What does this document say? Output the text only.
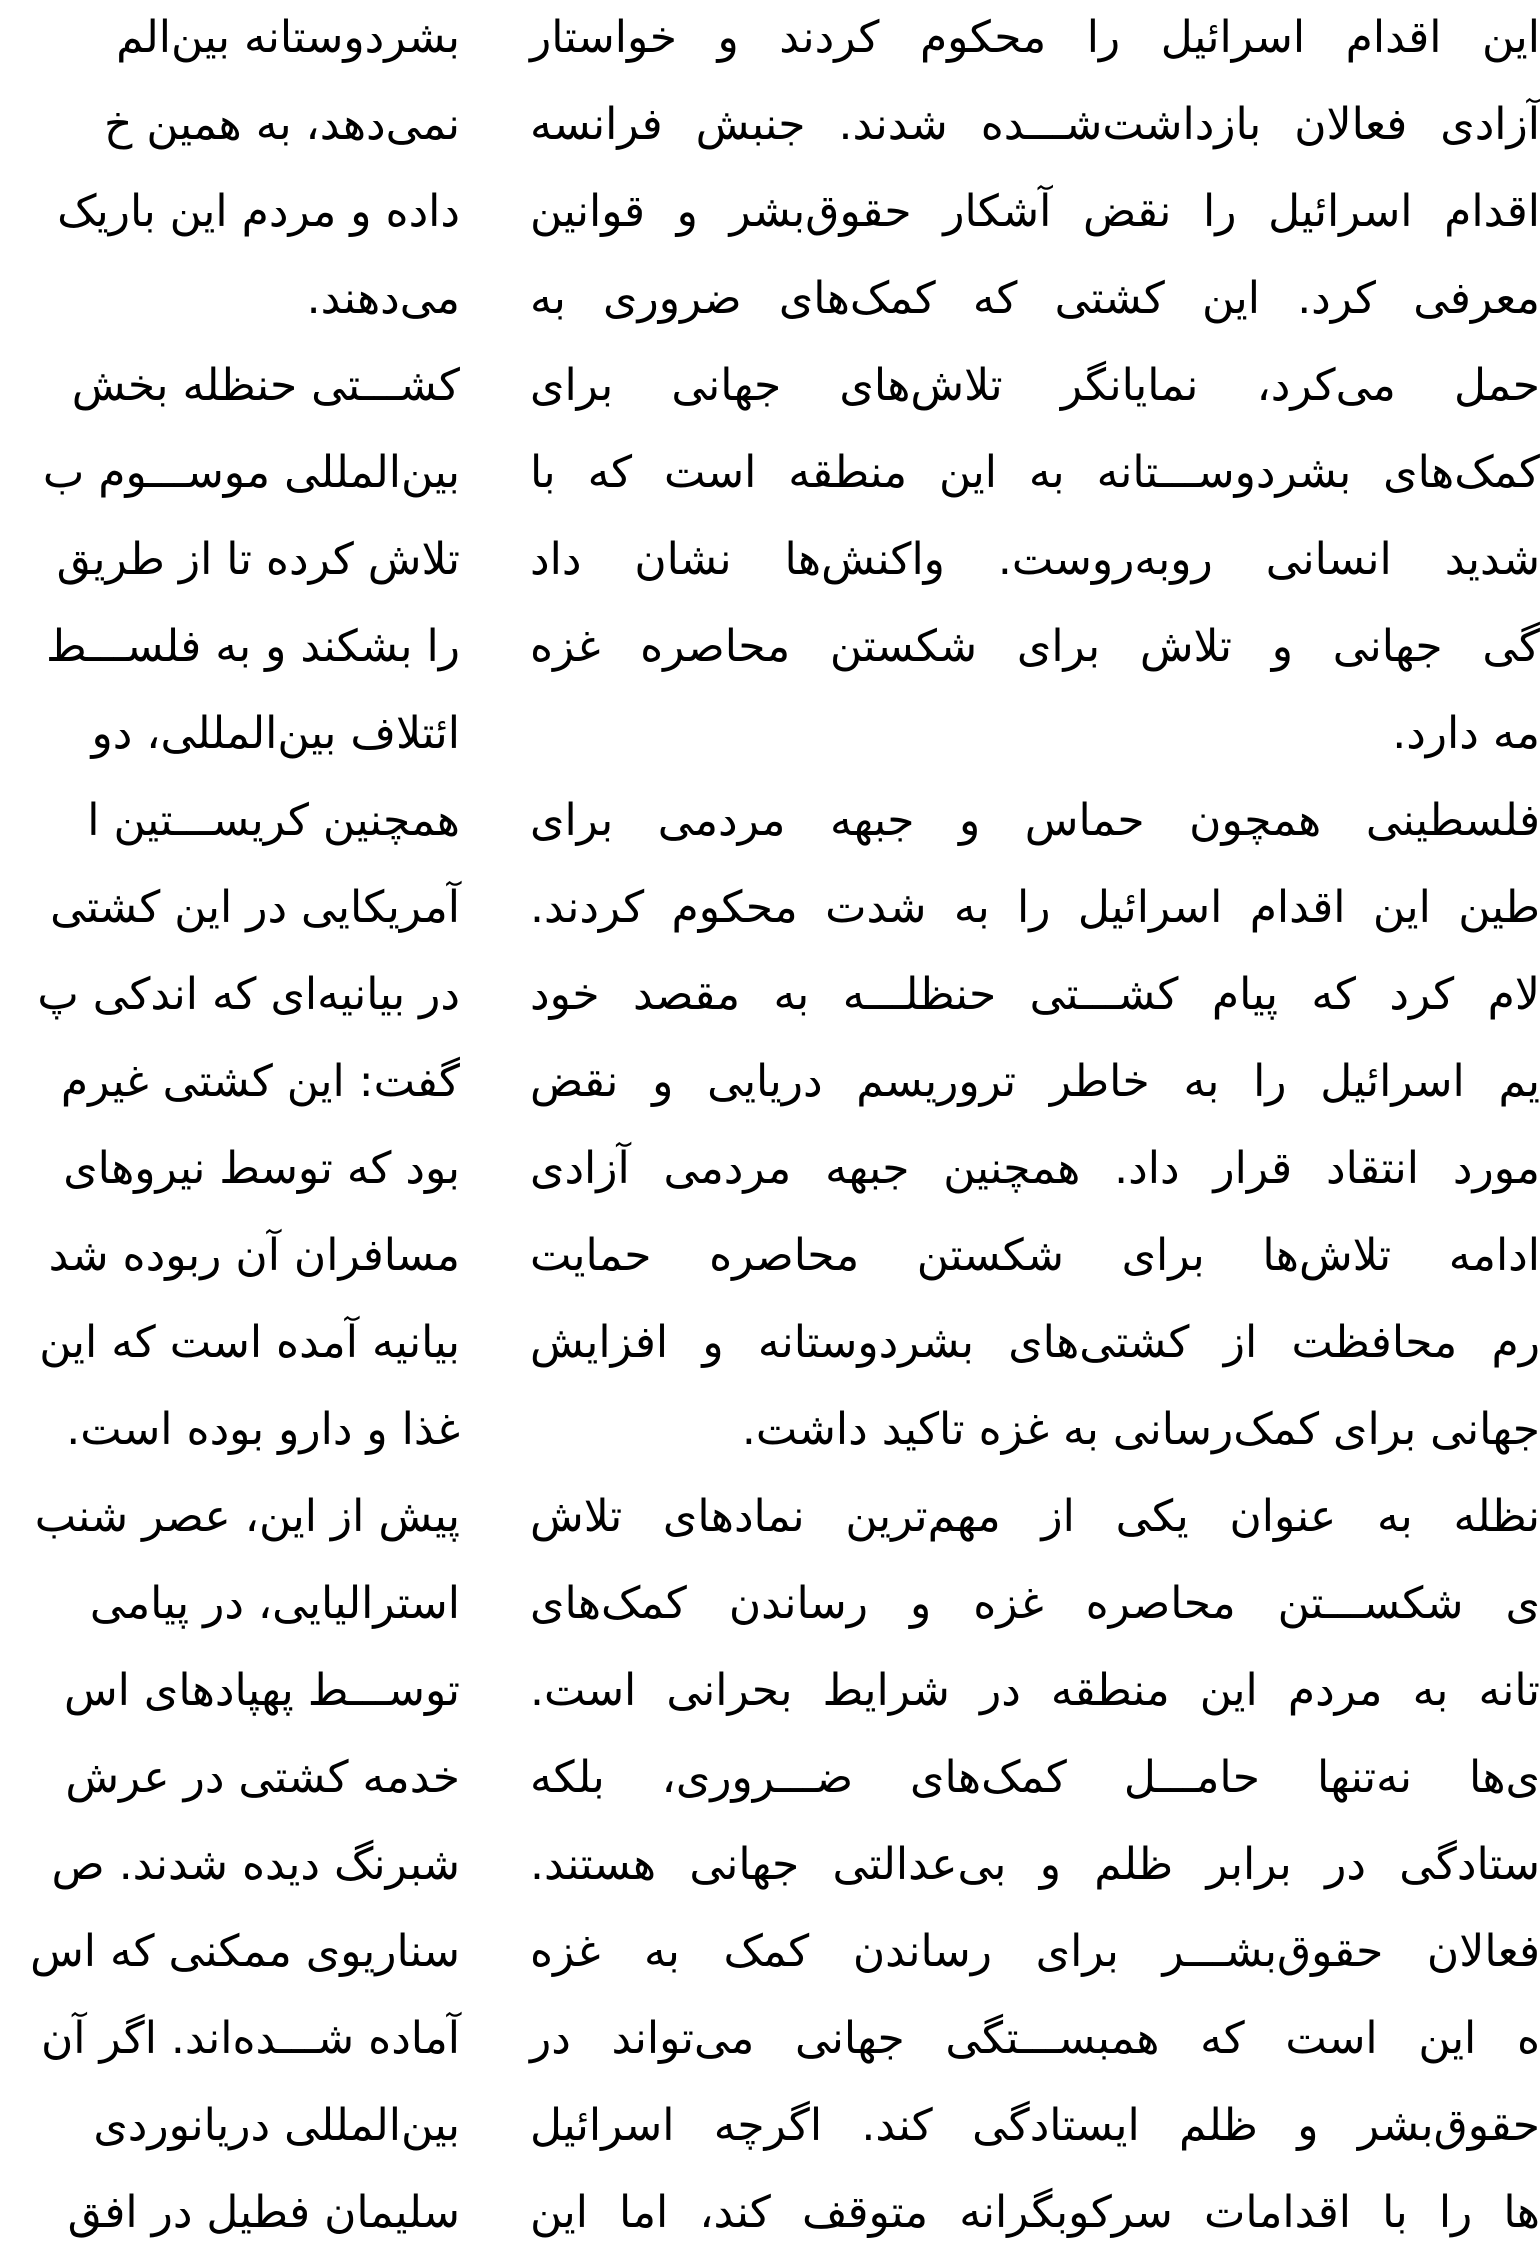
این اقدام اسرائیل را محکوم کردند و خواستار
آزادی فعالان بازداشت‌شـــده شدند. جنبش فرانسه
اقدام اسرائیل را نقض آشکار حقوق‌بشر و قوانین
معرفی کرد. این کشتی که کمک‌های ضروری به
حمل می‌کرد، نمایانگر تلاش‌های جهانی برای
کمک‌های بشردوســـتانه به این منطقه است که با
شدید انسانی روبه‌روست. واکنش‌ها نشان داد
گی جهانی و تلاش برای شکستن محاصره غزه
مه دارد.
فلسطینی همچون حماس و جبهه مردمی برای
طین این اقدام اسرائیل را به شدت محکوم کردند.
لام کرد که پیام کشـــتی حنظلـــه به مقصد خود
یم اسرائیل را به خاطر تروریسم دریایی و نقض
مورد انتقاد قرار داد. همچنین جبهه مردمی آزادی
ادامه تلاش‌ها برای شکستن محاصره حمایت
رم محافظت از کشتی‌های بشردوستانه و افزایش
جهانی برای کمک‌رسانی به غزه تاکید داشت.
نظله به عنوان یکی از مهم‌ترین نمادهای تلاش
ی شکســـتن محاصره غزه و رساندن کمک‌های
تانه به مردم این منطقه در شرایط بحرانی است.
ی‌ها نه‌تنها حامـــل کمک‌های ضـــروری، بلکه
ستادگی در برابر ظلم و بی‌عدالتی جهانی هستند.
فعالان حقوق‌بشـــر برای رساندن کمک به غزه
ه این است که همبســـتگی جهانی می‌تواند در
حقوق‌بشر و ظلم ایستادگی کند. اگرچه اسرائیل
ها را با اقدامات سرکوبگرانه متوقف کند، اما این
بشردوستانه بین‌الم
نمی‌دهد، به همین خ
داده و مردم این باریک
می‌دهند.
کشـــتی حنظله بخش
بین‌المللی موســـوم ب
تلاش کرده تا از طریق
را بشکند و به فلســـط
ائتلاف بین‌المللی، دو
همچنین کریســـتین ا
آمریکایی در این کشتی
در بیانیه‌ای که اندکی پ
گفت: این کشتی غیرم
بود که توسط نیروهای
مسافران آن ربوده شد
بیانیه آمده است که این
غذا و دارو بوده است.
پیش از این، عصر شنب
استرالیایی، در پیامی
توســـط پهپادهای اس
خدمه کشتی در عرش
شبرنگ دیده شدند. ص
سناریوی ممکنی که اس
آماده شـــده‌اند. اگر آن
بین‌المللی دریانوردی
سلیمان فطیل در افق
